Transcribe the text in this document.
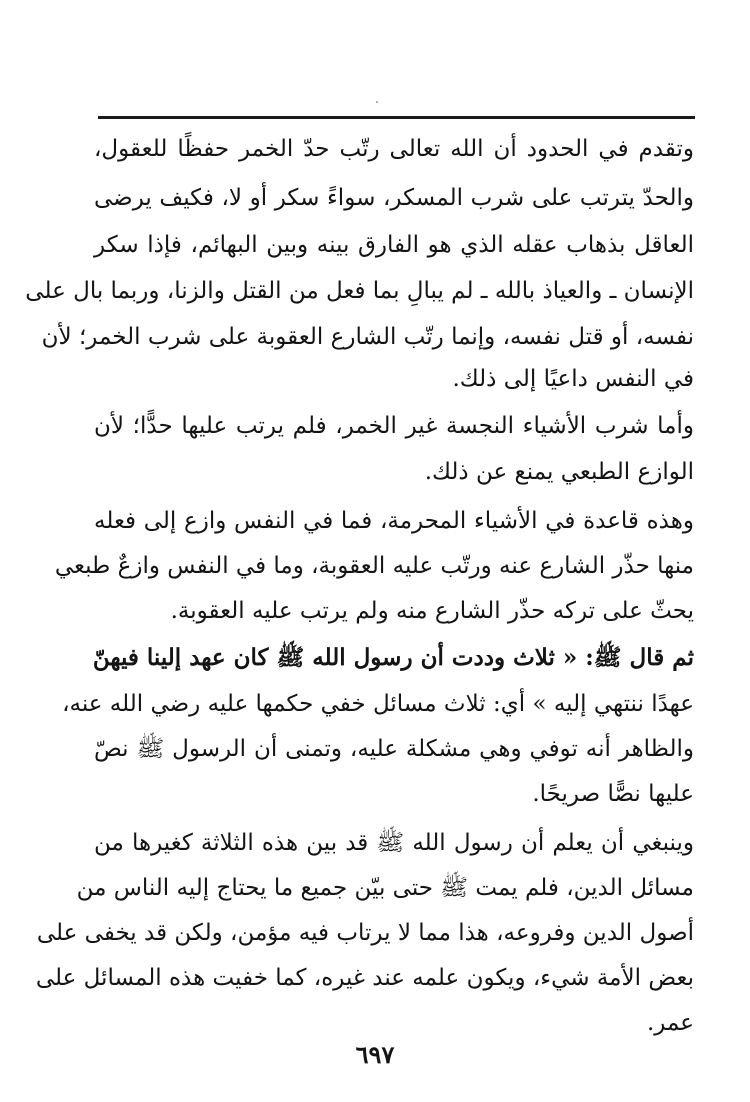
وتقدم في الحدود أن الله تعالى رتّب حدّ الخمر حفظًا للعقول،
والحدّ يترتب على شرب المسكر، سواءً سكر أو لا، فكيف يرضى
العاقل بذهاب عقله الذي هو الفارق بينه وبين البهائم، فإذا سكر
الإنسان ـ والعياذ بالله ـ لم يبالِ بما فعل من القتل والزنا، وربما بال على
نفسه، أو قتل نفسه، وإنما رتّب الشارع العقوبة على شرب الخمر؛ لأن
في النفس داعيًا إلى ذلك.
وأما شرب الأشياء النجسة غير الخمر، فلم يرتب عليها حدًّا؛ لأن
الوازع الطبعي يمنع عن ذلك.
وهذه قاعدة في الأشياء المحرمة، فما في النفس وازع إلى فعله
منها حذّر الشارع عنه ورتّب عليه العقوبة، وما في النفس وازعٌ طبعي
يحثّ على تركه حذّر الشارع منه ولم يرتب عليه العقوبة.
ثم قال ﷺ: « ثلاث وددت أن رسول الله ﷺ كان عهد إلينا فيهنّ
عهدًا ننتهي إليه » أي: ثلاث مسائل خفي حكمها عليه رضي الله عنه،
والظاهر أنه توفي وهي مشكلة عليه، وتمنى أن الرسول ﷺ نصّ
عليها نصًّا صريحًا.
وينبغي أن يعلم أن رسول الله ﷺ قد بين هذه الثلاثة كغيرها من
مسائل الدين، فلم يمت ﷺ حتى بيّن جميع ما يحتاج إليه الناس من
أصول الدين وفروعه، هذا مما لا يرتاب فيه مؤمن، ولكن قد يخفى على
بعض الأمة شيء، ويكون علمه عند غيره، كما خفيت هذه المسائل على
عمر.
٦٩٧
